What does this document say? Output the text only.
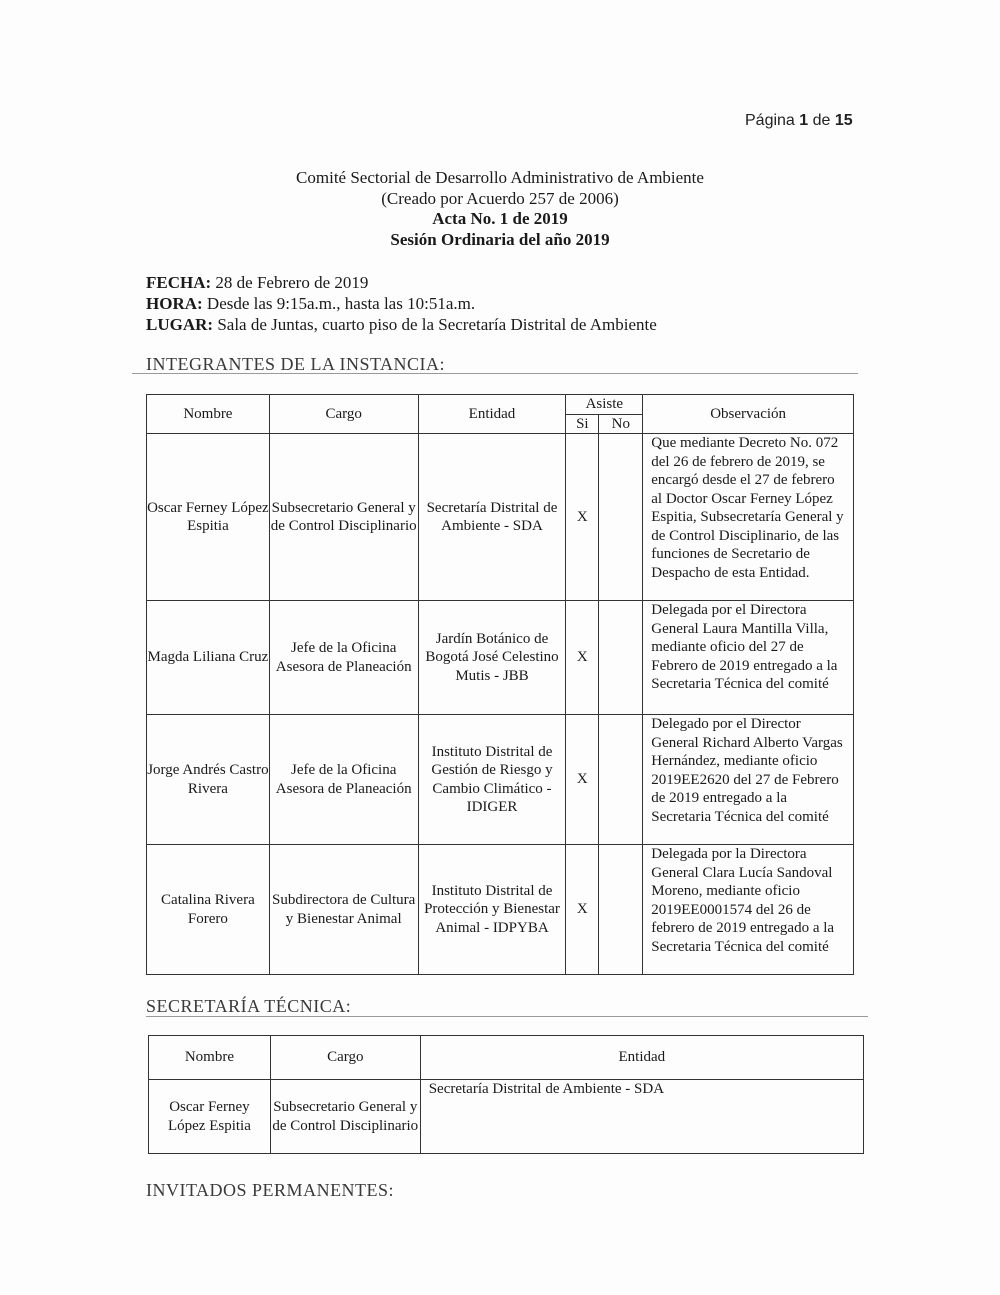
Página 1 de 15
Comité Sectorial de Desarrollo Administrativo de Ambiente
(Creado por Acuerdo 257 de 2006)
Acta No. 1 de 2019
Sesión Ordinaria del año 2019
FECHA: 28 de Febrero de 2019
HORA: Desde las 9:15a.m., hasta las 10:51a.m.
LUGAR: Sala de Juntas, cuarto piso de la Secretaría Distrital de Ambiente
INTEGRANTES DE LA INSTANCIA:
Nombre	Cargo	Entidad	Asiste		Observación
			Si	No	
Oscar Ferney López Espitia	Subsecretario General y de Control Disciplinario	Secretaría Distrital de Ambiente - SDA	X		Que mediante Decreto No. 072 del 26 de febrero de 2019, se encargó desde el 27 de febrero al Doctor Oscar Ferney López Espitia, Subsecretaría General y de Control Disciplinario, de las funciones de Secretario de Despacho de esta Entidad.
Magda Liliana Cruz	Jefe de la Oficina Asesora de Planeación	Jardín Botánico de Bogotá José Celestino Mutis - JBB	X		Delegada por el Directora General Laura Mantilla Villa, mediante oficio del 27 de Febrero de 2019 entregado a la Secretaria Técnica del comité
Jorge Andrés Castro Rivera	Jefe de la Oficina Asesora de Planeación	Instituto Distrital de Gestión de Riesgo y Cambio Climático - IDIGER	X		Delegado por el Director General Richard Alberto Vargas Hernández, mediante oficio 2019EE2620 del 27 de Febrero de 2019 entregado a la Secretaria Técnica del comité
Catalina Rivera Forero	Subdirectora de Cultura y Bienestar Animal	Instituto Distrital de Protección y Bienestar Animal - IDPYBA	X		Delegada por la Directora General Clara Lucía Sandoval Moreno, mediante oficio 2019EE0001574 del 26 de febrero de 2019 entregado a la Secretaria Técnica del comité
SECRETARÍA TÉCNICA:
Nombre	Cargo	Entidad
Oscar Ferney López Espitia	Subsecretario General y de Control Disciplinario	Secretaría Distrital de Ambiente - SDA
INVITADOS PERMANENTES:
